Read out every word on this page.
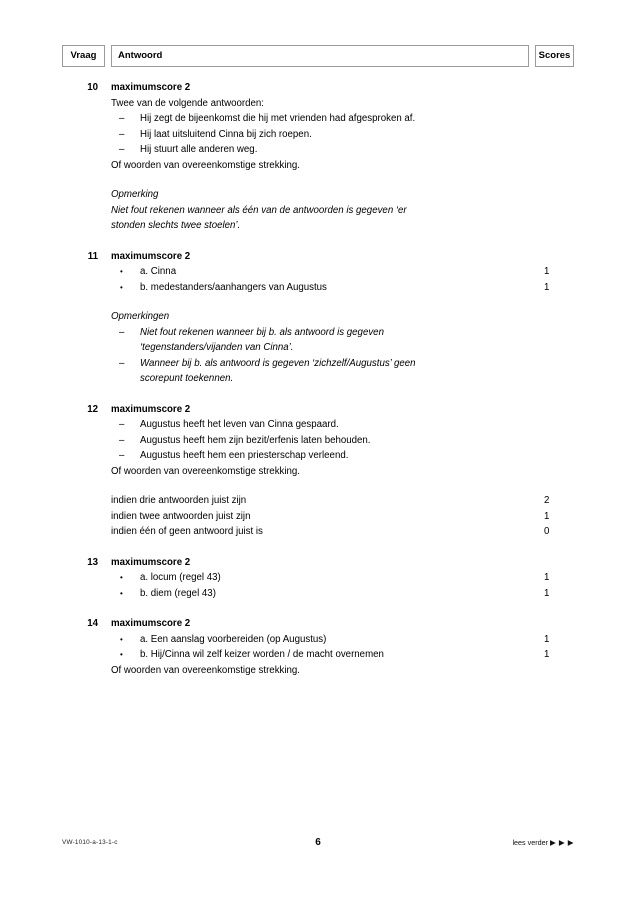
Vraag	Antwoord	Scores
10 maximumscore 2
Twee van de volgende antwoorden:
– Hij zegt de bijeenkomst die hij met vrienden had afgesproken af.
– Hij laat uitsluitend Cinna bij zich roepen.
– Hij stuurt alle anderen weg.
Of woorden van overeenkomstige strekking.
Opmerking
Niet fout rekenen wanneer als één van de antwoorden is gegeven ‘er
stonden slechts twee stoelen’.
11 maximumscore 2
• a. Cinna	1
• b. medestanders/aanhangers van Augustus	1
Opmerkingen
– Niet fout rekenen wanneer bij b. als antwoord is gegeven
‘tegenstanders/vijanden van Cinna’.
– Wanneer bij b. als antwoord is gegeven ‘zichzelf/Augustus’ geen
scorepunt toekennen.
12 maximumscore 2
– Augustus heeft het leven van Cinna gespaard.
– Augustus heeft hem zijn bezit/erfenis laten behouden.
– Augustus heeft hem een priesterschap verleend.
Of woorden van overeenkomstige strekking.
indien drie antwoorden juist zijn	2
indien twee antwoorden juist zijn	1
indien één of geen antwoord juist is	0
13 maximumscore 2
• a. locum (regel 43)	1
• b. diem (regel 43)	1
14 maximumscore 2
• a. Een aanslag voorbereiden (op Augustus)	1
• b. Hij/Cinna wil zelf keizer worden / de macht overnemen	1
Of woorden van overeenkomstige strekking.
VW-1010-a-13-1-c	6	lees verder ▶ ▶ ▶
